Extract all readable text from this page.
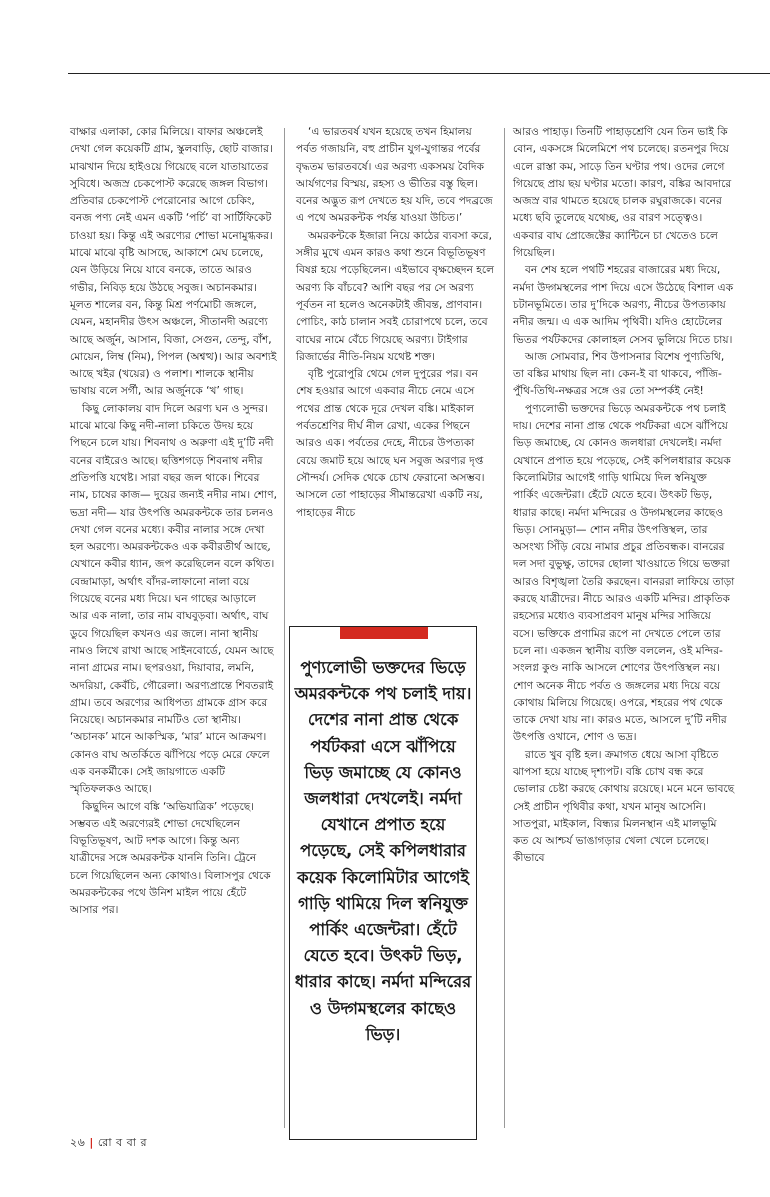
বাক্ষার এলাকা, কোর মিলিয়ে। বাফার অঞ্চলেই দেখা গেল কয়েকটি গ্রাম, স্কুলবাড়ি, ছোট বাজার। মাঝখান দিয়ে হাইওয়ে গিয়েছে বলে যাতায়াতের সুবিধে। অজস্র চেকপোস্ট করেছে জঙ্গল বিভাগ। প্রতিবার চেকপোস্ট পেরোনোর আগে চেকিং, বনজ পণ্য নেই এমন একটি ‘পর্চি’ বা সার্টিফিকেট চাওয়া হয়। কিন্তু এই অরণ্যের শোভা মনোমুগ্ধকর। মাঝে মাঝে বৃষ্টি আসছে, আকাশে মেঘ চলেছে, যেন উড়িয়ে নিয়ে যাবে বনকে, তাতে আরও গভীর, নিবিড় হয়ে উঠছে সবুজ। অচানকমার। মূলত শালের বন, কিন্তু মিশ্র পর্ণমোচী জঙ্গলে, যেমন, মহানদীর উৎস অঞ্চলে, সীতানদী অরণ্যে আছে অর্জুন, আসান, বিজা, সেগুন, তেন্দু, বাঁশ, মোয়েন, লিম্ব (নিম), পিপল (অশ্বত্থ)। আর অবশ্যই আছে খইর (খয়ের) ও পলাশ। শালকে স্থানীয় ভাষায় বলে সর্গী, আর অর্জুনকে ‘খ’ গাছ।

কিছু লোকালয় বাদ দিলে অরণ্য ঘন ও সুন্দর। মাঝে মাঝে কিছু নদী-নালা চকিতে উদয় হয়ে পিছনে চলে যায়। শিবনাথ ও অরুণা এই দু’টি নদী বনের বাইরেও আছে। ছত্তিশগড়ে শিবনাথ নদীর প্রতিপত্তি যথেষ্ট। সারা বছর জল থাকে। শিবের নাম, চাষের কাজ— দুয়ের জন্যই নদীর নাম। শোণ, ভদ্রা নদী— যার উৎপত্তি অমরকন্টকে তার চলনও দেখা গেল বনের মধ্যে। কবীর নালার সঙ্গে দেখা হল অরণ্যে। অমরকন্টকেও এক কবীরতীর্থ আছে, যেখানে কবীর ধ্যান, জপ করেছিলেন বলে কথিত। বেন্দ্রামাড়া, অর্থাৎ বাঁদর-লাফানো নালা বয়ে গিয়েছে বনের মধ্য দিয়ে। ঘন গাছের আড়ালে আর এক নালা, তার নাম বাঘবুড়বা। অর্থাৎ, বাঘ ডুবে গিয়েছিল কখনও এর জলে। নানা স্থানীয় নামও লিখে রাখা আছে সাইনবোর্ডে, যেমন আছে নানা গ্রামের নাম। ছপরওয়া, দিয়াবার, লমনি, অদরিয়া, কেবঁচি, গৌরেলা। অরণ্যপ্রান্তে শিবতরাই গ্রাম। তবে অরণ্যের আধিপত্য গ্রামকে গ্রাস করে নিয়েছে। অচানকমার নামটিও তো স্থানীয়। ‘অচানক’ মানে আকস্মিক, ‘মার’ মানে আক্রমণ। কোনও বাঘ অতর্কিতে ঝাঁপিয়ে পড়ে মেরে ফেলে এক বনকর্মীকে। সেই জায়গাতে একটি স্মৃতিফলকও আছে।

কিছুদিন আগে বঙ্কি ‘অভিযাত্রিক’ পড়েছে। সম্ভবত এই অরণ্যেরই শোভা দেখেছিলেন বিভূতিভূষণ, আট দশক আগে। কিন্তু অন্য যাত্রীদের সঙ্গে অমরকন্টক যাননি তিনি। ট্রেনে চলে গিয়েছিলেন অন্য কোথাও। বিলাসপুর থেকে অমরকন্টকের পথে উনিশ মাইল পায়ে হেঁটে আসার পর।

‘এ ভারতবর্ষ যখন হয়েছে তখন হিমালয় পর্বত গজায়নি, বহু প্রাচীন যুগ-যুগান্তর পর্বের বৃদ্ধতম ভারতবর্ষে। এর অরণ্য একসময় বৈদিক আর্যগণের বিস্ময়, রহস্য ও ভীতির বস্তু ছিল। বনের অদ্ভুত রূপ দেখতে হয় যদি, তবে পদব্রজে এ পথে অমরকন্টক পর্যন্ত যাওয়া উচিত।’

অমরকন্টকে ইজারা নিয়ে কাঠের ব্যবসা করে, সঙ্গীর মুখে এমন কারও কথা শুনে বিভূতিভূষণ বিষণ্ণ হয়ে পড়েছিলেন। এইভাবে বৃক্ষচ্ছেদন হলে অরণ্য কি বাঁচবে? আশি বছর পর সে অরণ্য পূর্বতন না হলেও অনেকটাই জীবন্ত, প্রাণবান। পোচিং, কাঠ চালান সবই চোরাপথে চলে, তবে বাঘের নামে বেঁচে গিয়েছে অরণ্য। টাইগার রিজার্ভের নীতি-নিয়ম যথেষ্ট শক্ত।

বৃষ্টি পুরোপুরি থেমে গেল দুপুরের পর। বন শেষ হওয়ার আগে একবার নীচে নেমে এসে পথের প্রান্ত থেকে দূরে দেখল বঙ্কি। মাইকাল পর্বতশ্রেণির দীর্ঘ নীল রেখা, একের পিছনে আরও এক। পর্বতের দেহে, নীচের উপত্যকা বেয়ে জমাট হয়ে আছে ঘন সবুজ অরণ্যর দৃপ্ত সৌন্দর্য। সেদিক থেকে চোখ ফেরানো অসম্ভব। আসলে তো পাহাড়ের সীমান্তরেখা একটি নয়, পাহাড়ের নীচে

আরও পাহাড়। তিনটি পাহাড়শ্রেণি যেন তিন ভাই কি বোন, একসঙ্গে মিলেমিশে পথ চলেছে। রতনপুর দিয়ে এলে রাস্তা কম, সাড়ে তিন ঘণ্টার পথ। ওদের লেগে গিয়েছে প্রায় ছয় ঘণ্টার মতো। কারণ, বঙ্কির আবদারে অজস্র বার থামতে হয়েছে চালক রঘুরাজকে। বনের মধ্যে ছবি তুলেছে যথেচ্ছ, ওর বারণ সত্ত্বেও। একবার বাঘ প্রোজেক্টের ক্যান্টিনে চা খেতেও চলে গিয়েছিল।

বন শেষ হলে পথটি শহরের বাজারের মধ্য দিয়ে, নর্মদা উদ্গমস্থলের পাশ দিয়ে এসে উঠেছে বিশাল এক চটানভূমিতে। তার দু’দিকে অরণ্য, নীচের উপত্যকায় নদীর জন্ম। এ এক আদিম পৃথিবী। যদিও হোটেলের ভিতর পর্যটকদের কোলাহল সেসব ভুলিয়ে দিতে চায়।

আজ সোমবার, শিব উপাসনার বিশেষ পুণ্যতিথি, তা বঙ্কির মাথায় ছিল না। কেন-ই বা থাকবে, পাঁজি-পুঁথি-তিথি-নক্ষত্রর সঙ্গে ওর তো সম্পর্কই নেই!

পুণ্যলোভী ভক্তদের ভিড়ে অমরকন্টকে পথ চলাই দায়। দেশের নানা প্রান্ত থেকে পর্যটকরা এসে ঝাঁপিয়ে ভিড় জমাচ্ছে, যে কোনও জলধারা দেখলেই। নর্মদা যেখানে প্রপাত হয়ে পড়েছে, সেই কপিলধারার কয়েক কিলোমিটার আগেই গাড়ি থামিয়ে দিল স্বনিযুক্ত পার্কিং এজেন্টরা। হেঁটে যেতে হবে। উৎকট ভিড়, ধারার কাছে। নর্মদা মন্দিরের ও উদ্গমস্থলের কাছেও ভিড়। সোনমুড়া— শোন নদীর উৎপত্তিস্থল, তার অসংখ্য সিঁড়ি বেয়ে নামার প্রচুর প্রতিবন্ধক। বানরের দল সদা বুভুক্ষু, তাদের ছোলা খাওয়াতে গিয়ে ভক্তরা আরও বিশৃঙ্খলা তৈরি করছেন। বানররা লাফিয়ে তাড়া করছে যাত্রীদের। নীচে আরও একটি মন্দির। প্রাকৃতিক রহস্যের মধ্যেও ব্যবসাপ্রবণ মানুষ মন্দির সাজিয়ে বসে। ভক্তিকে প্রণামির রূপে না দেখতে পেলে তার চলে না। একজন স্থানীয় ব্যক্তি বললেন, ওই মন্দির-সংলগ্ন কুণ্ড নাকি আসলে শোণের উৎপত্তিস্থল নয়। শোণ অনেক নীচে পর্বত ও জঙ্গলের মধ্য দিয়ে বয়ে কোথায় মিলিয়ে গিয়েছে। ওপরে, শহরের পথ থেকে তাকে দেখা যায় না। কারও মতে, আসলে দু’টি নদীর উৎপত্তি ওখানে, শোণ ও ভদ্র।

রাতে খুব বৃষ্টি হল। ক্রমাগত ধেয়ে আসা বৃষ্টিতে ঝাপসা হয়ে যাচ্ছে দৃশ্যপট। বঙ্কি চোখ বন্ধ করে ভোলার চেষ্টা করছে কোথায় রয়েছে। মনে মনে ভাবছে সেই প্রাচীন পৃথিবীর কথা, যখন মানুষ আসেনি। সাতপুরা, মাইকাল, বিন্ধ্যর মিলনস্থান এই মালভূমি কত যে আশ্চর্য ভাঙাগড়ার খেলা খেলে চলেছে। কীভাবে

পুণ্যলোভী ভক্তদের ভিড়ে অমরকন্টকে পথ চলাই দায়। দেশের নানা প্রান্ত থেকে পর্যটকরা এসে ঝাঁপিয়ে ভিড় জমাচ্ছে যে কোনও জলধারা দেখলেই। নর্মদা যেখানে প্রপাত হয়ে পড়েছে, সেই কপিলধারার কয়েক কিলোমিটার আগেই গাড়ি থামিয়ে দিল স্বনিযুক্ত পার্কিং এজেন্টরা। হেঁটে যেতে হবে। উৎকট ভিড়, ধারার কাছে। নর্মদা মন্দিরের ও উদ্গমস্থলের কাছেও ভিড়।
২৬ | রো ব বা র
